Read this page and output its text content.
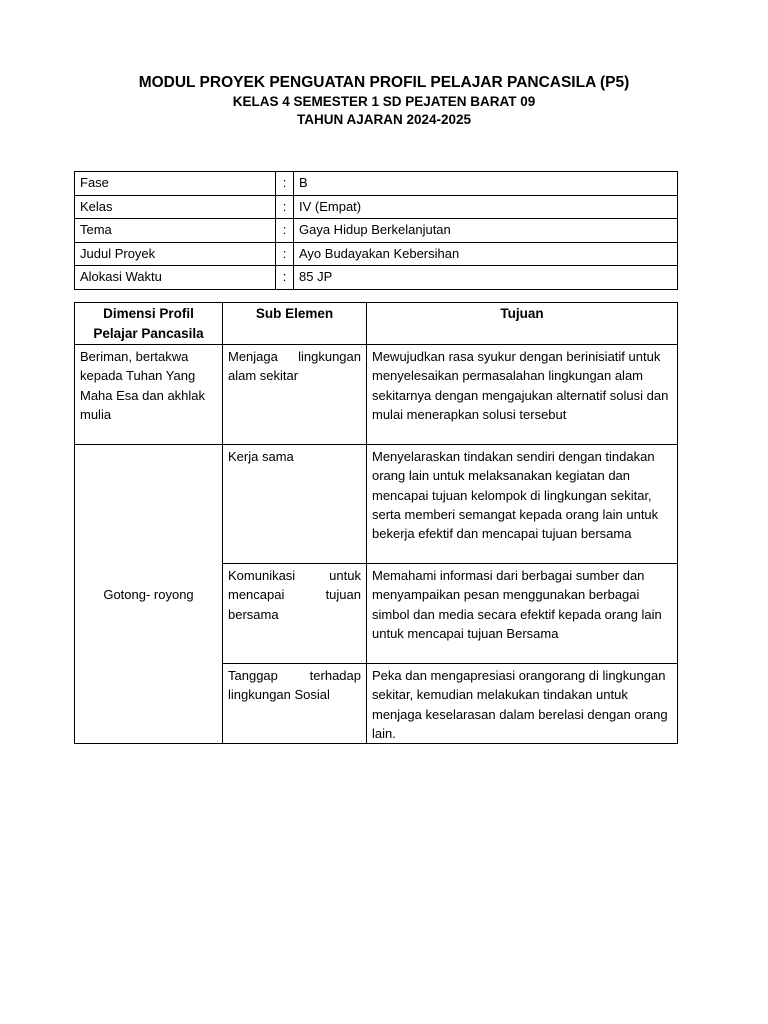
MODUL PROYEK PENGUATAN PROFIL PELAJAR PANCASILA (P5)
KELAS 4 SEMESTER 1 SD PEJATEN BARAT 09
TAHUN AJARAN 2024-2025
Fase	:	B
Kelas	:	IV (Empat)
Tema	:	Gaya Hidup Berkelanjutan
Judul Proyek	:	Ayo Budayakan Kebersihan
Alokasi Waktu	:	85 JP
Dimensi Profil Pelajar Pancasila	Sub Elemen	Tujuan
Beriman, bertakwa kepada Tuhan Yang Maha Esa dan akhlak mulia	Menjaga lingkungan alam sekitar	Mewujudkan rasa syukur dengan berinisiatif untuk menyelesaikan permasalahan lingkungan alam sekitarnya dengan mengajukan alternatif solusi dan mulai menerapkan solusi tersebut
Gotong- royong	Kerja sama	Menyelaraskan tindakan sendiri dengan tindakan orang lain untuk melaksanakan kegiatan dan mencapai tujuan kelompok di lingkungan sekitar, serta memberi semangat kepada orang lain untuk bekerja efektif dan mencapai tujuan bersama
	Komunikasi untuk mencapai tujuan bersama	Memahami informasi dari berbagai sumber dan menyampaikan pesan menggunakan berbagai simbol dan media secara efektif kepada orang lain untuk mencapai tujuan Bersama
	Tanggap terhadap lingkungan Sosial	Peka dan mengapresiasi orangorang di lingkungan sekitar, kemudian melakukan tindakan untuk menjaga keselarasan dalam berelasi dengan orang lain.
